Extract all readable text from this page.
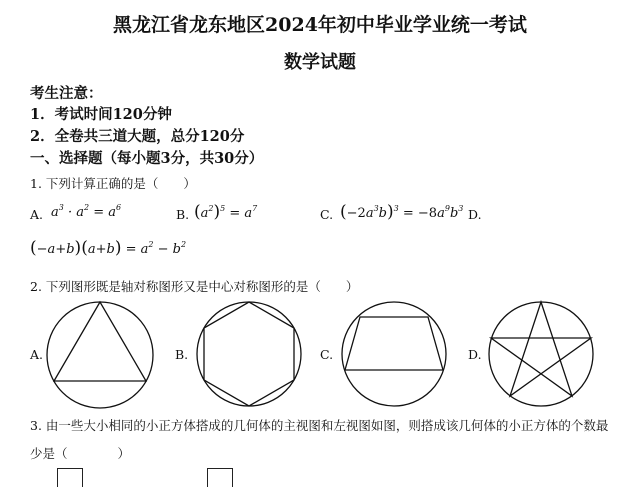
黑龙江省龙东地区2024年初中毕业学业统一考试
数学试题
考生注意：
1．考试时间120分钟
2．全卷共三道大题，总分120分
一、选择题（每小题3分，共30分）
1. 下列计算正确的是（　　）
A. $a^3 \cdot a^2 = a^6$	B. $(a^2)^5 = a^7$	C. $(-2a^3b)^3 = -8a^9b^3$ D.
$(-a+b)(a+b) = a^2 - b^2$
2. 下列图形既是轴对称图形又是中心对称图形的是（　　）
A.	B.	C.	D.
3. 由一些大小相同的小正方体搭成的几何体的主视图和左视图如图，则搭成该几何体的小正方体的个数最
少是（　　　　）
